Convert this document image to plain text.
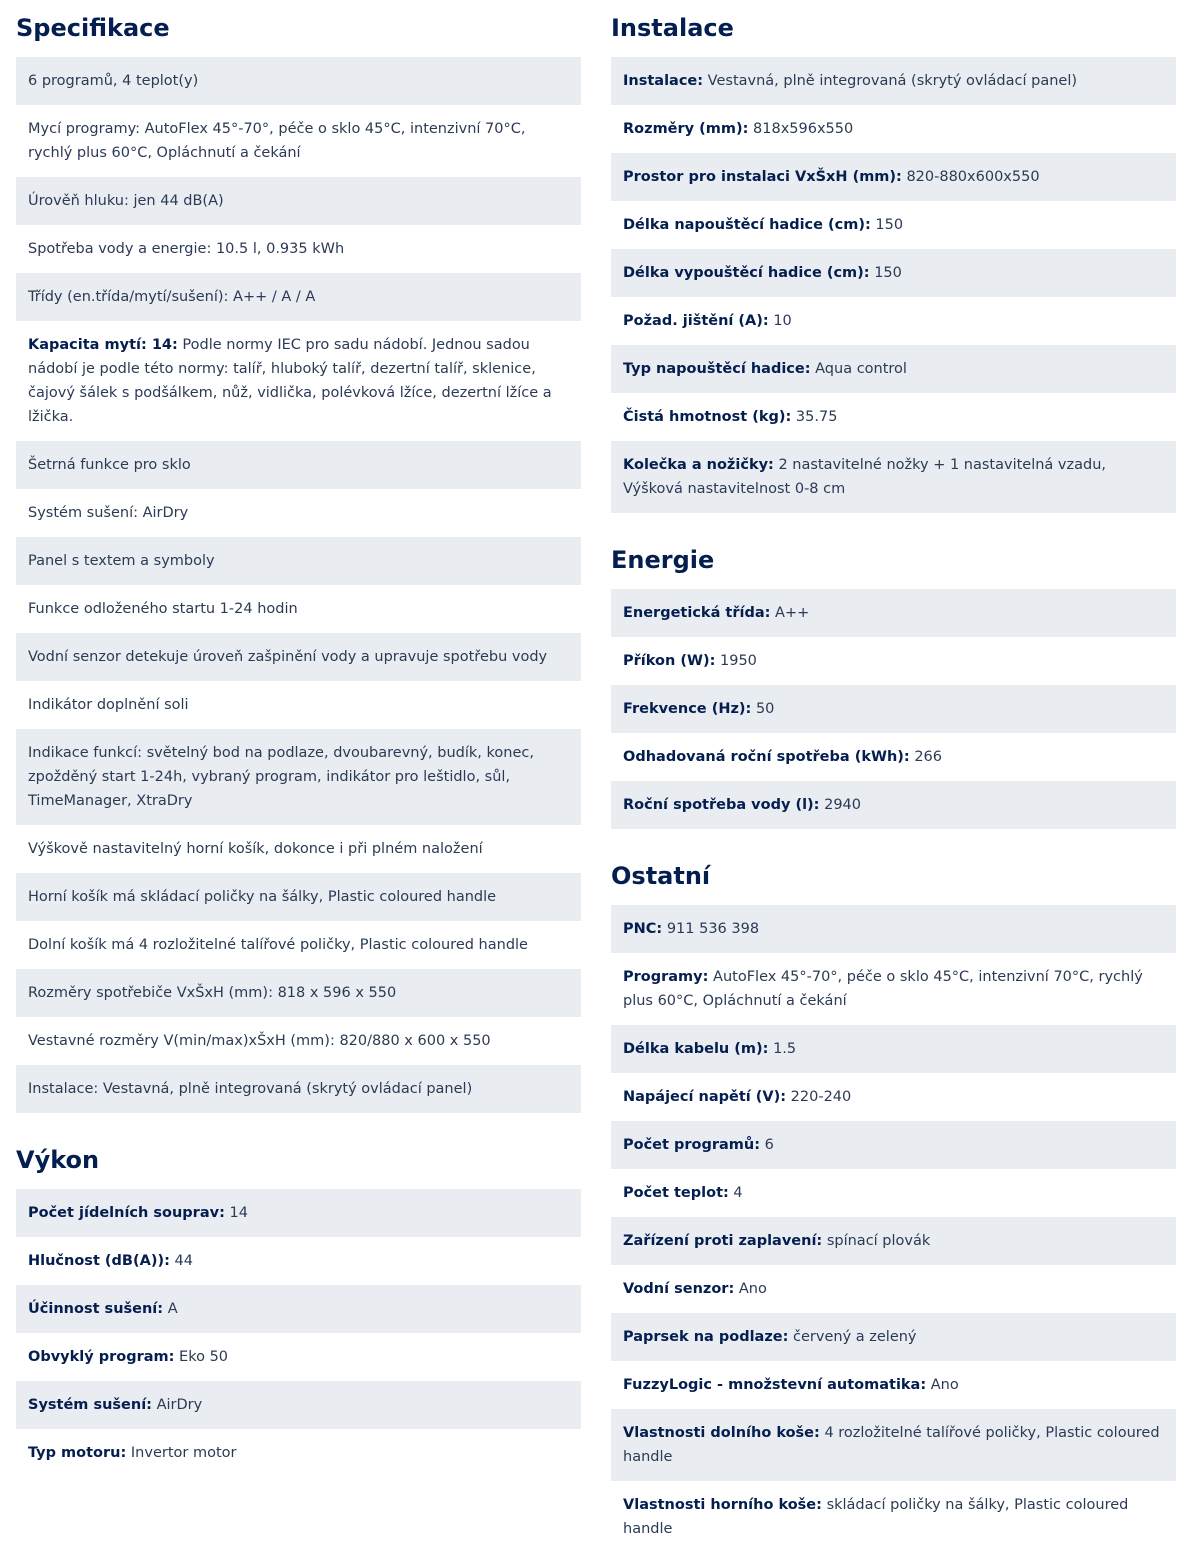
Specifikace
6 programů, 4 teplot(y)
Mycí programy: AutoFlex 45°-70°, péče o sklo 45°C, intenzivní 70°C, rychlý plus 60°C, Opláchnutí a čekání
Úrověň hluku: jen 44 dB(A)
Spotřeba vody a energie: 10.5 l, 0.935 kWh
Třídy (en.třída/mytí/sušení): A++ / A / A
Kapacita mytí: 14: Podle normy IEC pro sadu nádobí. Jednou sadou nádobí je podle této normy: talíř, hluboký talíř, dezertní talíř, sklenice, čajový šálek s podšálkem, nůž, vidlička, polévková lžíce, dezertní lžíce a lžička.
Šetrná funkce pro sklo
Systém sušení: AirDry
Panel s textem a symboly
Funkce odloženého startu 1-24 hodin
Vodní senzor detekuje úroveň zašpinění vody a upravuje spotřebu vody
Indikátor doplnění soli
Indikace funkcí: světelný bod na podlaze, dvoubarevný, budík, konec, zpožděný start 1-24h, vybraný program, indikátor pro leštidlo, sůl, TimeManager, XtraDry
Výškově nastavitelný horní košík, dokonce i při plném naložení
Horní košík má skládací poličky na šálky, Plastic coloured handle
Dolní košík má 4 rozložitelné talířové poličky, Plastic coloured handle
Rozměry spotřebiče VxŠxH (mm): 818 x 596 x 550
Vestavné rozměry V(min/max)xŠxH (mm): 820/880 x 600 x 550
Instalace: Vestavná, plně integrovaná (skrytý ovládací panel)
Výkon
Počet jídelních souprav: 14
Hlučnost (dB(A)): 44
Účinnost sušení: A
Obvyklý program: Eko 50
Systém sušení: AirDry
Typ motoru: Invertor motor
Instalace
Instalace: Vestavná, plně integrovaná (skrytý ovládací panel)
Rozměry (mm): 818x596x550
Prostor pro instalaci VxŠxH (mm): 820-880x600x550
Délka napouštěcí hadice (cm): 150
Délka vypouštěcí hadice (cm): 150
Požad. jištění (A): 10
Typ napouštěcí hadice: Aqua control
Čistá hmotnost (kg): 35.75
Kolečka a nožičky: 2 nastavitelné nožky + 1 nastavitelná vzadu, Výšková nastavitelnost 0-8 cm
Energie
Energetická třída: A++
Příkon (W): 1950
Frekvence (Hz): 50
Odhadovaná roční spotřeba (kWh): 266
Roční spotřeba vody (l): 2940
Ostatní
PNC: 911 536 398
Programy: AutoFlex 45°-70°, péče o sklo 45°C, intenzivní 70°C, rychlý plus 60°C, Opláchnutí a čekání
Délka kabelu (m): 1.5
Napájecí napětí (V): 220-240
Počet programů: 6
Počet teplot: 4
Zařízení proti zaplavení: spínací plovák
Vodní senzor: Ano
Paprsek na podlaze: červený a zelený
FuzzyLogic - množstevní automatika: Ano
Vlastnosti dolního koše: 4 rozložitelné talířové poličky, Plastic coloured handle
Vlastnosti horního koše: skládací poličky na šálky, Plastic coloured handle
